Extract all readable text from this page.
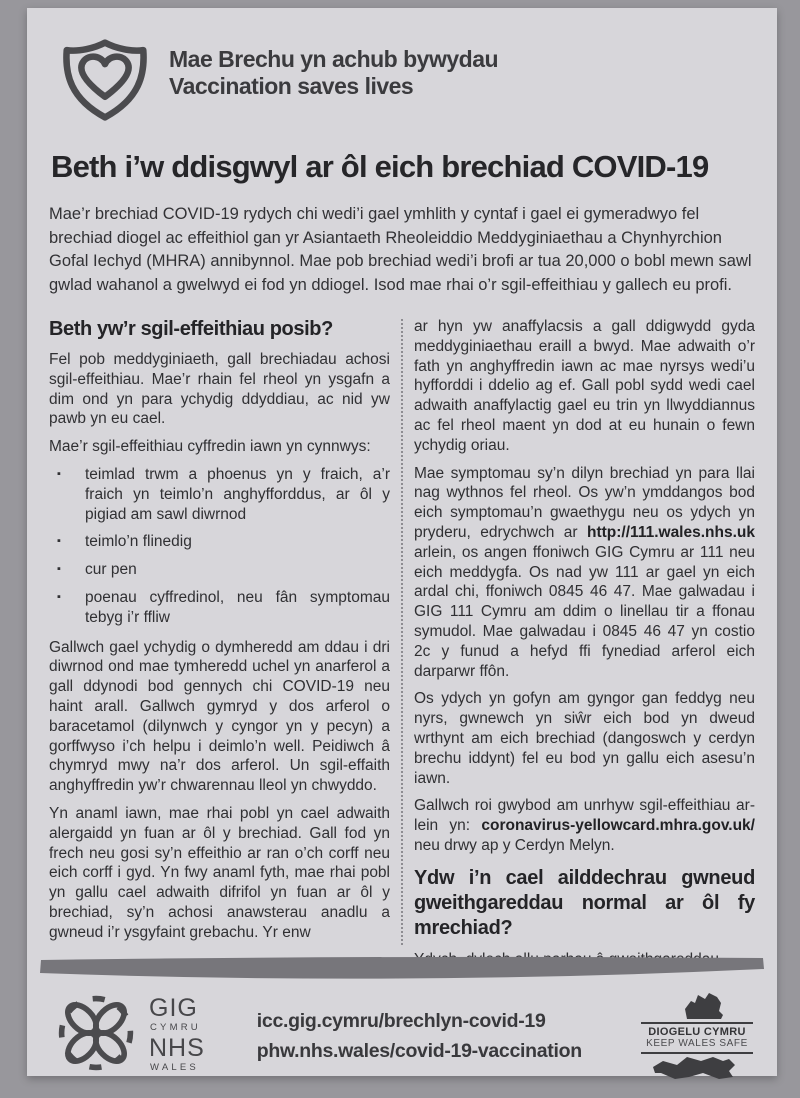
Mae Brechu yn achub bywydau
Vaccination saves lives
Beth i’w ddisgwyl ar ôl eich brechiad COVID-19

Mae’r brechiad COVID-19 rydych chi wedi’i gael ymhlith y cyntaf i gael ei gymeradwyo fel brechiad diogel ac effeithiol gan yr Asiantaeth Rheoleiddio Meddyginiaethau a Chynhyrchion Gofal Iechyd (MHRA) annibynnol. Mae pob brechiad wedi’i brofi ar tua 20,000 o bobl mewn sawl gwlad wahanol a gwelwyd ei fod yn ddiogel. Isod mae rhai o’r sgil-effeithiau y gallech eu profi.

Beth yw’r sgil-effeithiau posib?

Fel pob meddyginiaeth, gall brechiadau achosi sgil-effeithiau. Mae’r rhain fel rheol yn ysgafn a dim ond yn para ychydig ddyddiau, ac nid yw pawb yn eu cael.

Mae’r sgil-effeithiau cyffredin iawn yn cynnwys:

▪ teimlad trwm a phoenus yn y fraich, a’r fraich yn teimlo’n anghyfforddus, ar ôl y pigiad am sawl diwrnod
▪ teimlo’n flinedig
▪ cur pen
▪ poenau cyffredinol, neu fân symptomau tebyg i’r ffliw

Gallwch gael ychydig o dymheredd am ddau i dri diwrnod ond mae tymheredd uchel yn anarferol a gall ddynodi bod gennych chi COVID-19 neu haint arall. Gallwch gymryd y dos arferol o baracetamol (dilynwch y cyngor yn y pecyn) a gorffwyso i’ch helpu i deimlo’n well. Peidiwch â chymryd mwy na’r dos arferol. Un sgil-effaith anghyffredin yw’r chwarennau lleol yn chwyddo.

Yn anaml iawn, mae rhai pobl yn cael adwaith alergaidd yn fuan ar ôl y brechiad. Gall fod yn frech neu gosi sy’n effeithio ar ran o’ch corff neu eich corff i gyd. Yn fwy anaml fyth, mae rhai pobl yn gallu cael adwaith difrifol yn fuan ar ôl y brechiad, sy’n achosi anawsterau anadlu a gwneud i’r ysgyfaint grebachu. Yr enw

ar hyn yw anaffylacsis a gall ddigwydd gyda meddyginiaethau eraill a bwyd. Mae adwaith o’r fath yn anghyffredin iawn ac mae nyrsys wedi’u hyfforddi i ddelio ag ef. Gall pobl sydd wedi cael adwaith anaffylactig gael eu trin yn llwyddiannus ac fel rheol maent yn dod at eu hunain o fewn ychydig oriau.

Mae symptomau sy’n dilyn brechiad yn para llai nag wythnos fel rheol. Os yw’n ymddangos bod eich symptomau’n gwaethygu neu os ydych yn pryderu, edrychwch ar http://111.wales.nhs.uk arlein, os angen ffoniwch GIG Cymru ar 111 neu eich meddygfa. Os nad yw 111 ar gael yn eich ardal chi, ffoniwch 0845 46 47. Mae galwadau i GIG 111 Cymru am ddim o linellau tir a ffonau symudol. Mae galwadau i 0845 46 47 yn costio 2c y funud a hefyd ffi fynediad arferol eich darparwr ffôn.

Os ydych yn gofyn am gyngor gan feddyg neu nyrs, gwnewch yn siŵr eich bod yn dweud wrthynt am eich brechiad (dangoswch y cerdyn brechu iddynt) fel eu bod yn gallu eich asesu’n iawn.

Gallwch roi gwybod am unrhyw sgil-effeithiau ar-lein yn: coronavirus-yellowcard.mhra.gov.uk/ neu drwy ap y Cerdyn Melyn.

Ydw i’n cael ailddechrau gwneud gweithgareddau normal ar ôl fy mrechiad?

GIG
CYMRU
NHS
WALES
icc.gig.cymru/brechlyn-covid-19
phw.nhs.wales/covid-19-vaccination
DIOGELU CYMRU
KEEP WALES SAFE
